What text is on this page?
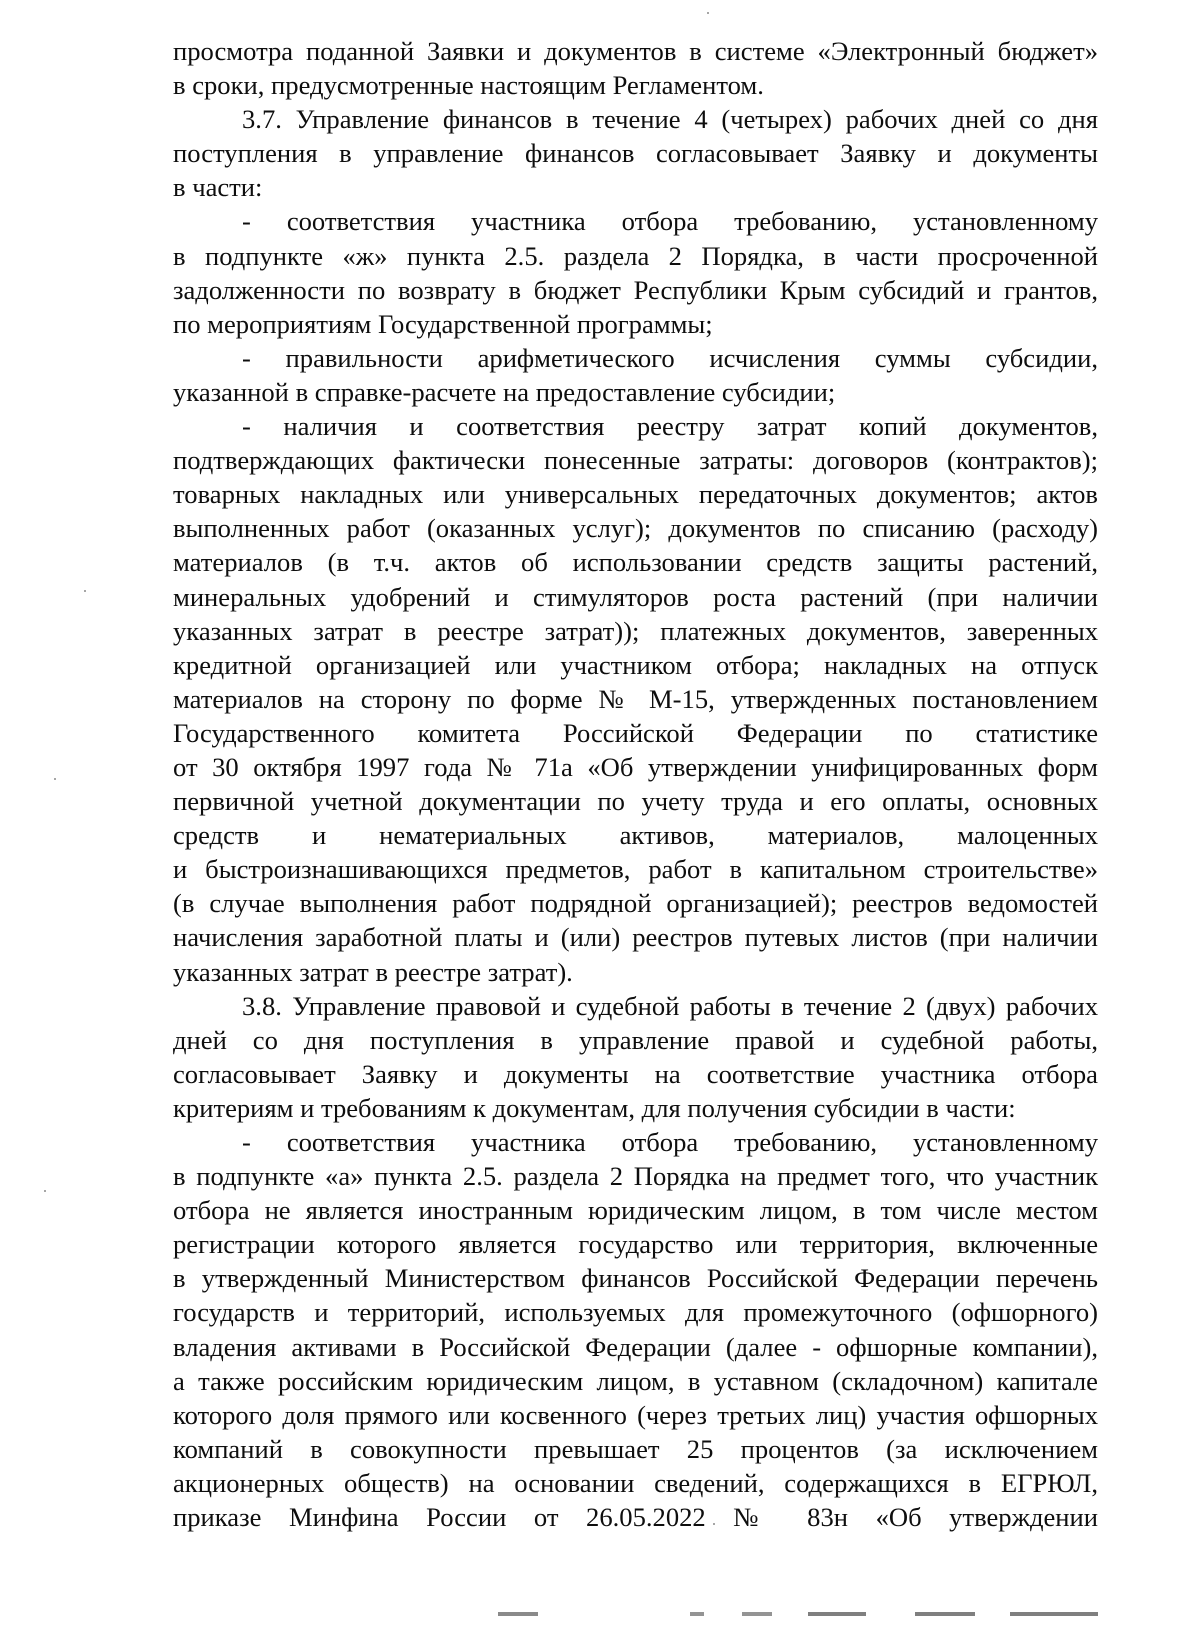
просмотра поданной Заявки и документов в системе «Электронный бюджет»
в сроки, предусмотренные настоящим Регламентом.
3.7. Управление финансов в течение 4 (четырех) рабочих дней со дня
поступления в управление финансов согласовывает Заявку и документы
в части:
- соответствия участника отбора требованию, установленному
в подпункте «ж» пункта 2.5. раздела 2 Порядка, в части просроченной
задолженности по возврату в бюджет Республики Крым субсидий и грантов,
по мероприятиям Государственной программы;
- правильности арифметического исчисления суммы субсидии,
указанной в справке-расчете на предоставление субсидии;
- наличия и соответствия реестру затрат копий документов,
подтверждающих фактически понесенные затраты: договоров (контрактов);
товарных накладных или универсальных передаточных документов; актов
выполненных работ (оказанных услуг); документов по списанию (расходу)
материалов (в т.ч. актов об использовании средств защиты растений,
минеральных удобрений и стимуляторов роста растений (при наличии
указанных затрат в реестре затрат)); платежных документов, заверенных
кредитной организацией или участником отбора; накладных на отпуск
материалов на сторону по форме № М-15, утвержденных постановлением
Государственного комитета Российской Федерации по статистике
от 30 октября 1997 года № 71а «Об утверждении унифицированных форм
первичной учетной документации по учету труда и его оплаты, основных
средств и нематериальных активов, материалов, малоценных
и быстроизнашивающихся предметов, работ в капитальном строительстве»
(в случае выполнения работ подрядной организацией); реестров ведомостей
начисления заработной платы и (или) реестров путевых листов (при наличии
указанных затрат в реестре затрат).
3.8. Управление правовой и судебной работы в течение 2 (двух) рабочих
дней со дня поступления в управление правой и судебной работы,
согласовывает Заявку и документы на соответствие участника отбора
критериям и требованиям к документам, для получения субсидии в части:
- соответствия участника отбора требованию, установленному
в подпункте «а» пункта 2.5. раздела 2 Порядка на предмет того, что участник
отбора не является иностранным юридическим лицом, в том числе местом
регистрации которого является государство или территория, включенные
в утвержденный Министерством финансов Российской Федерации перечень
государств и территорий, используемых для промежуточного (офшорного)
владения активами в Российской Федерации (далее - офшорные компании),
а также российским юридическим лицом, в уставном (складочном) капитале
которого доля прямого или косвенного (через третьих лиц) участия офшорных
компаний в совокупности превышает 25 процентов (за исключением
акционерных обществ) на основании сведений, содержащихся в ЕГРЮЛ,
приказе Минфина России от 26.05.2022 № 83н «Об утверждении
